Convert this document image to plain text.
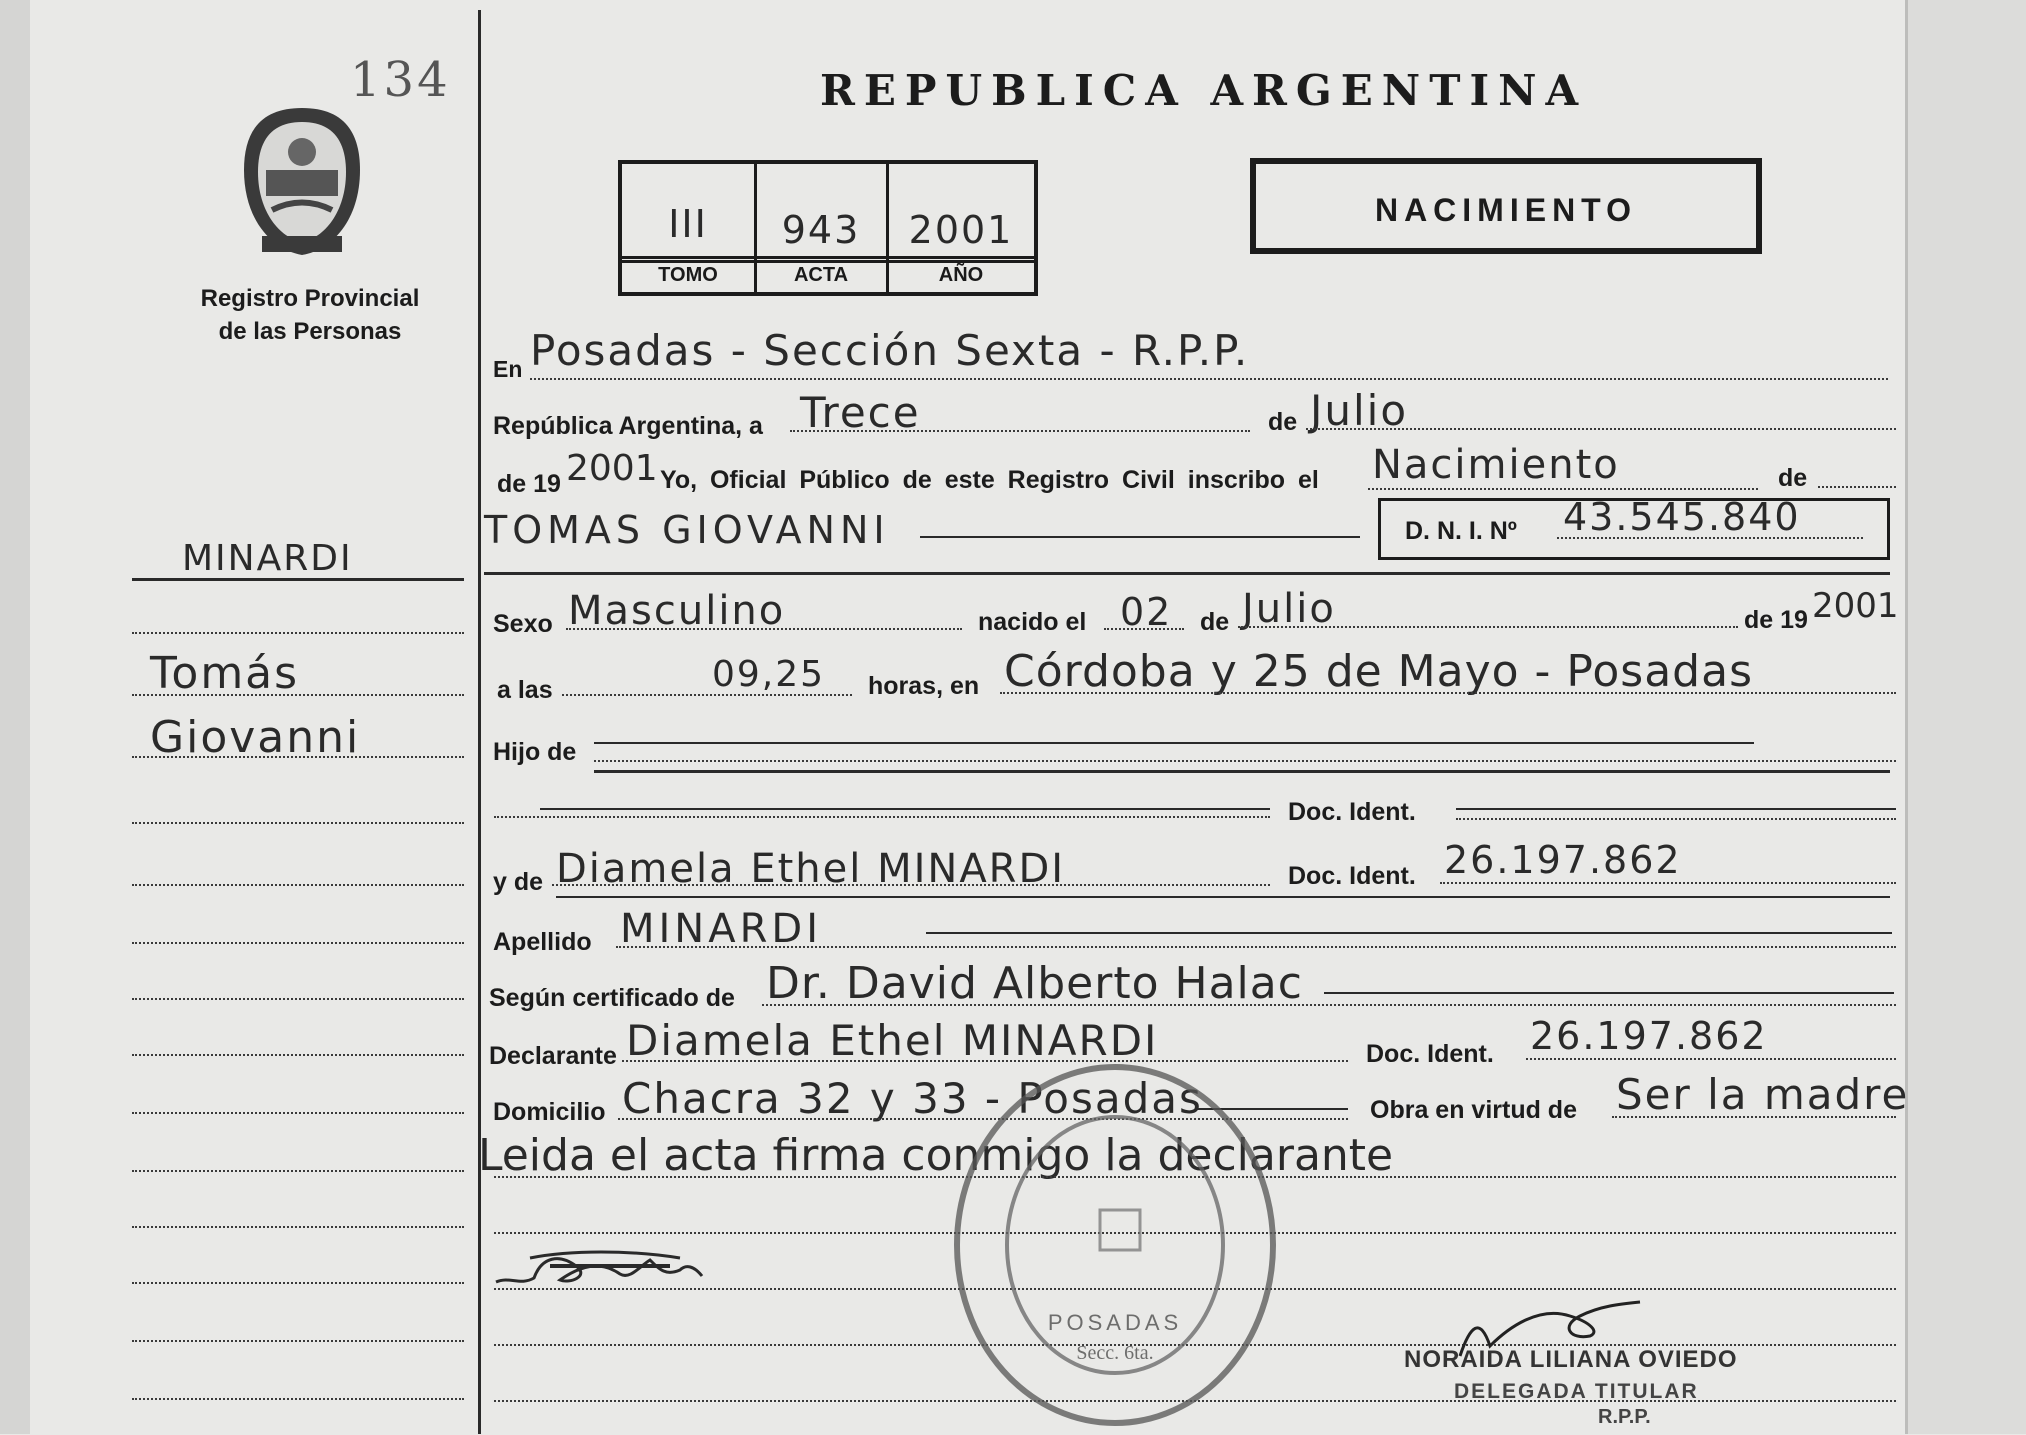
134
Registro Provincial
de las Personas
REPUBLICA ARGENTINA
III	943	2001
TOMO	ACTA	AÑO
NACIMIENTO
MINARDI
Tomás
Giovanni
En Posadas - Sección Sexta - R.P.P.
República Argentina, a Trece	de Julio
de 19 2001 Yo, Oficial Público de este Registro Civil inscribo el Nacimiento	de
TOMAS GIOVANNI	D. N. I. Nº 43.545.840
Sexo Masculino	nacido el 02 de Julio	de 19 2001
a las	09,25 horas, en Córdoba y 25 de Mayo - Posadas
Hijo de
Doc. Ident.
y de Diamela Ethel MINARDI	Doc. Ident. 26.197.862
Apellido MINARDI
Según certificado de Dr. David Alberto Halac
Declarante Diamela Ethel MINARDI	Doc. Ident. 26.197.862
Domicilio Chacra 32 y 33 - Posadas	Obra en virtud de Ser la madre
Leida el acta firma conmigo la declarante
POSADAS
Secc. 6ta.	NORAIDA LILIANA OVIEDO
DELEGADA TITULAR
R.P.P.
